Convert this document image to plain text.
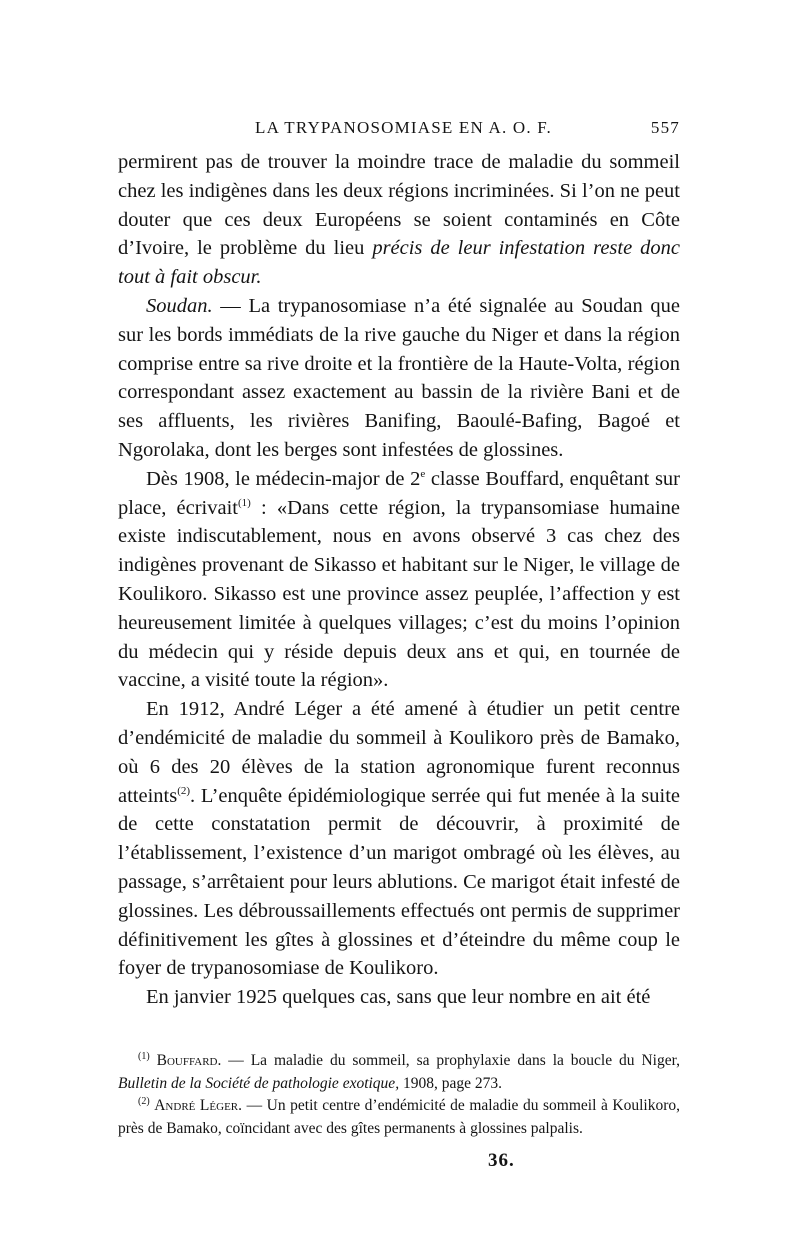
LA TRYPANOSOMIASE EN A. O. F.	557

permirent pas de trouver la moindre trace de maladie du sommeil chez les indigènes dans les deux régions incriminées. Si l’on ne peut douter que ces deux Européens se soient contaminés en Côte d’Ivoire, le problème du lieu précis de leur infestation reste donc tout à fait obscur.

Soudan. — La trypanosomiase n’a été signalée au Soudan que sur les bords immédiats de la rive gauche du Niger et dans la région comprise entre sa rive droite et la frontière de la Haute-Volta, région correspondant assez exactement au bassin de la rivière Bani et de ses affluents, les rivières Banifing, Baoulé-Bafing, Bagoé et Ngorolaka, dont les berges sont infestées de glossines.

Dès 1908, le médecin-major de 2e classe Bouffard, enquêtant sur place, écrivait$^{(1)}$ : «Dans cette région, la trypansomiase humaine existe indiscutablement, nous en avons observé 3 cas chez des indigènes provenant de Sikasso et habitant sur le Niger, le village de Koulikoro. Sikasso est une province assez peuplée, l’affection y est heureusement limitée à quelques villages; c’est du moins l’opinion du médecin qui y réside depuis deux ans et qui, en tournée de vaccine, a visité toute la région».

En 1912, André Léger a été amené à étudier un petit centre d’endémicité de maladie du sommeil à Koulikoro près de Bamako, où 6 des 20 élèves de la station agronomique furent reconnus atteints$^{(2)}$. L’enquête épidémiologique serrée qui fut menée à la suite de cette constatation permit de découvrir, à proximité de l’établissement, l’existence d’un marigot ombragé où les élèves, au passage, s’arrêtaient pour leurs ablutions. Ce marigot était infesté de glossines. Les débroussaillements effectués ont permis de supprimer définitivement les gîtes à glossines et d’éteindre du même coup le foyer de trypanosomiase de Koulikoro.

En janvier 1925 quelques cas, sans que leur nombre en ait été

$^{(1)}$ Bouffard. — La maladie du sommeil, sa prophylaxie dans la boucle du Niger, Bulletin de la Société de pathologie exotique, 1908, page 273.

$^{(2)}$ André Léger. — Un petit centre d’endémicité de maladie du sommeil à Koulikoro, près de Bamako, coïncidant avec des gîtes permanents à glossines palpalis.

36.
